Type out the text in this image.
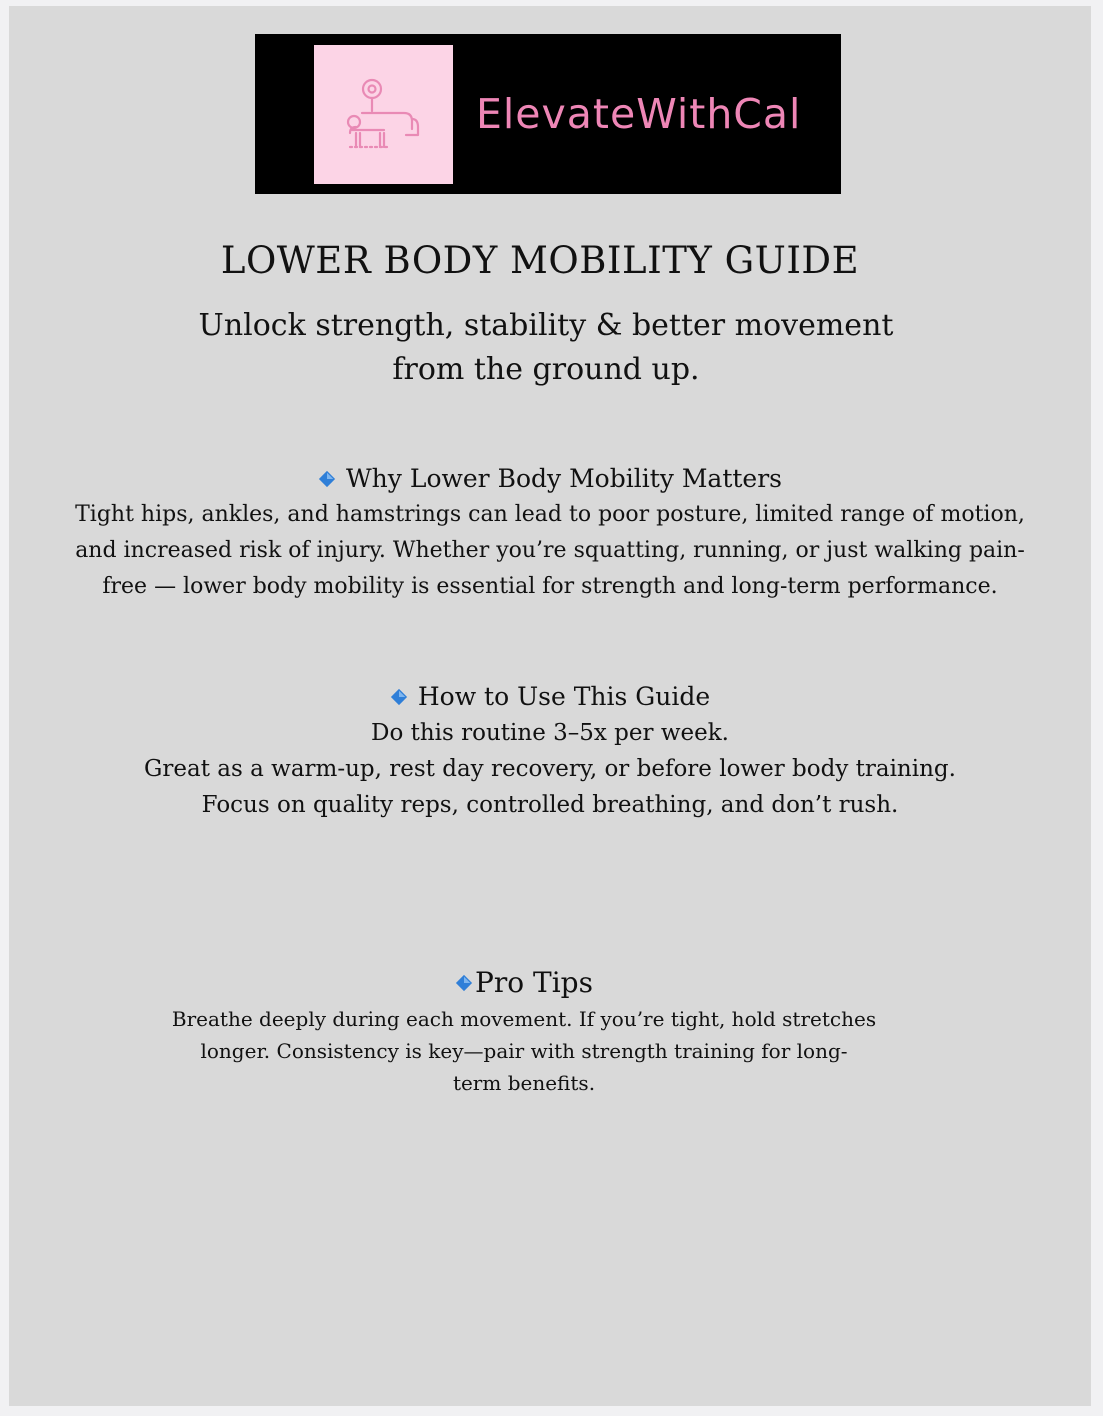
ElevateWithCal
LOWER BODY MOBILITY GUIDE

Unlock strength, stability & better movement
from the ground up.

Why Lower Body Mobility Matters
Tight hips, ankles, and hamstrings can lead to poor posture, limited range of motion,
and increased risk of injury. Whether you’re squatting, running, or just walking pain-
free — lower body mobility is essential for strength and long-term performance.
How to Use This Guide
Do this routine 3–5x per week.
Great as a warm-up, rest day recovery, or before lower body training.
Focus on quality reps, controlled breathing, and don’t rush.
Pro Tips
Breathe deeply during each movement. If you’re tight, hold stretches
longer. Consistency is key—pair with strength training for long-
term benefits.
